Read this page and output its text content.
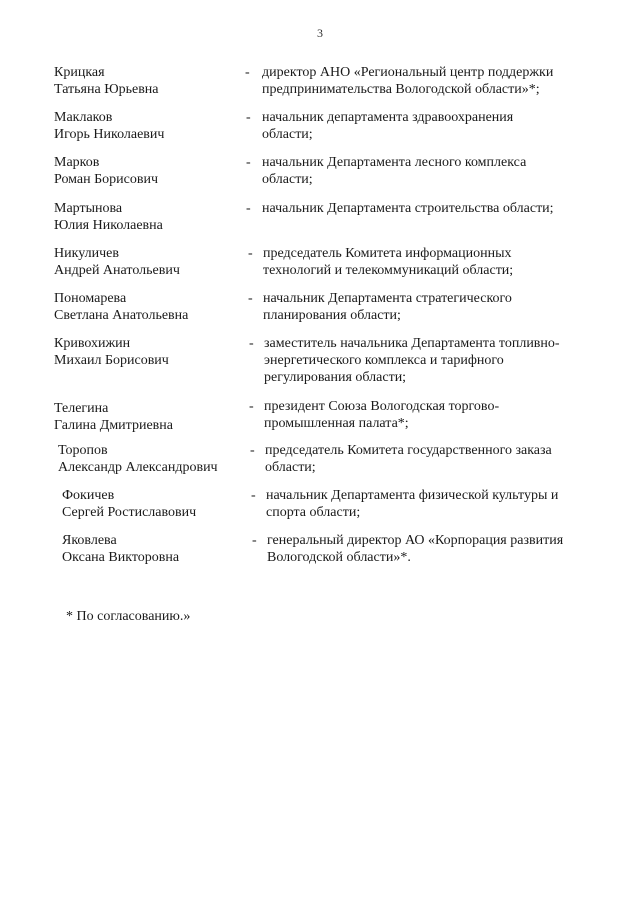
3
Крицкая
Татьяна Юрьевна
- директор АНО «Региональный центр поддержки
предпринимательства Вологодской области»*;
Маклаков
Игорь Николаевич
- начальник департамента здравоохранения
области;
Марков
Роман Борисович
- начальник Департамента лесного комплекса
области;
Мартынова
Юлия Николаевна
- начальник Департамента строительства области;
Никуличев
Андрей Анатольевич
- председатель Комитета информационных
технологий и телекоммуникаций области;
Пономарева
Светлана Анатольевна
- начальник Департамента стратегического
планирования области;
Кривохижин
Михаил Борисович
- заместитель начальника Департамента топливно-
энергетического комплекса и тарифного
регулирования области;
Телегина
Галина Дмитриевна
- президент Союза Вологодская торгово-
промышленная палата*;
Торопов
Александр Александрович
- председатель Комитета государственного заказа
области;
Фокичев
Сергей Ростиславович
- начальник Департамента физической культуры и
спорта области;
Яковлева
Оксана Викторовна
- генеральный директор АО «Корпорация развития
Вологодской области»*.
* По согласованию.»
